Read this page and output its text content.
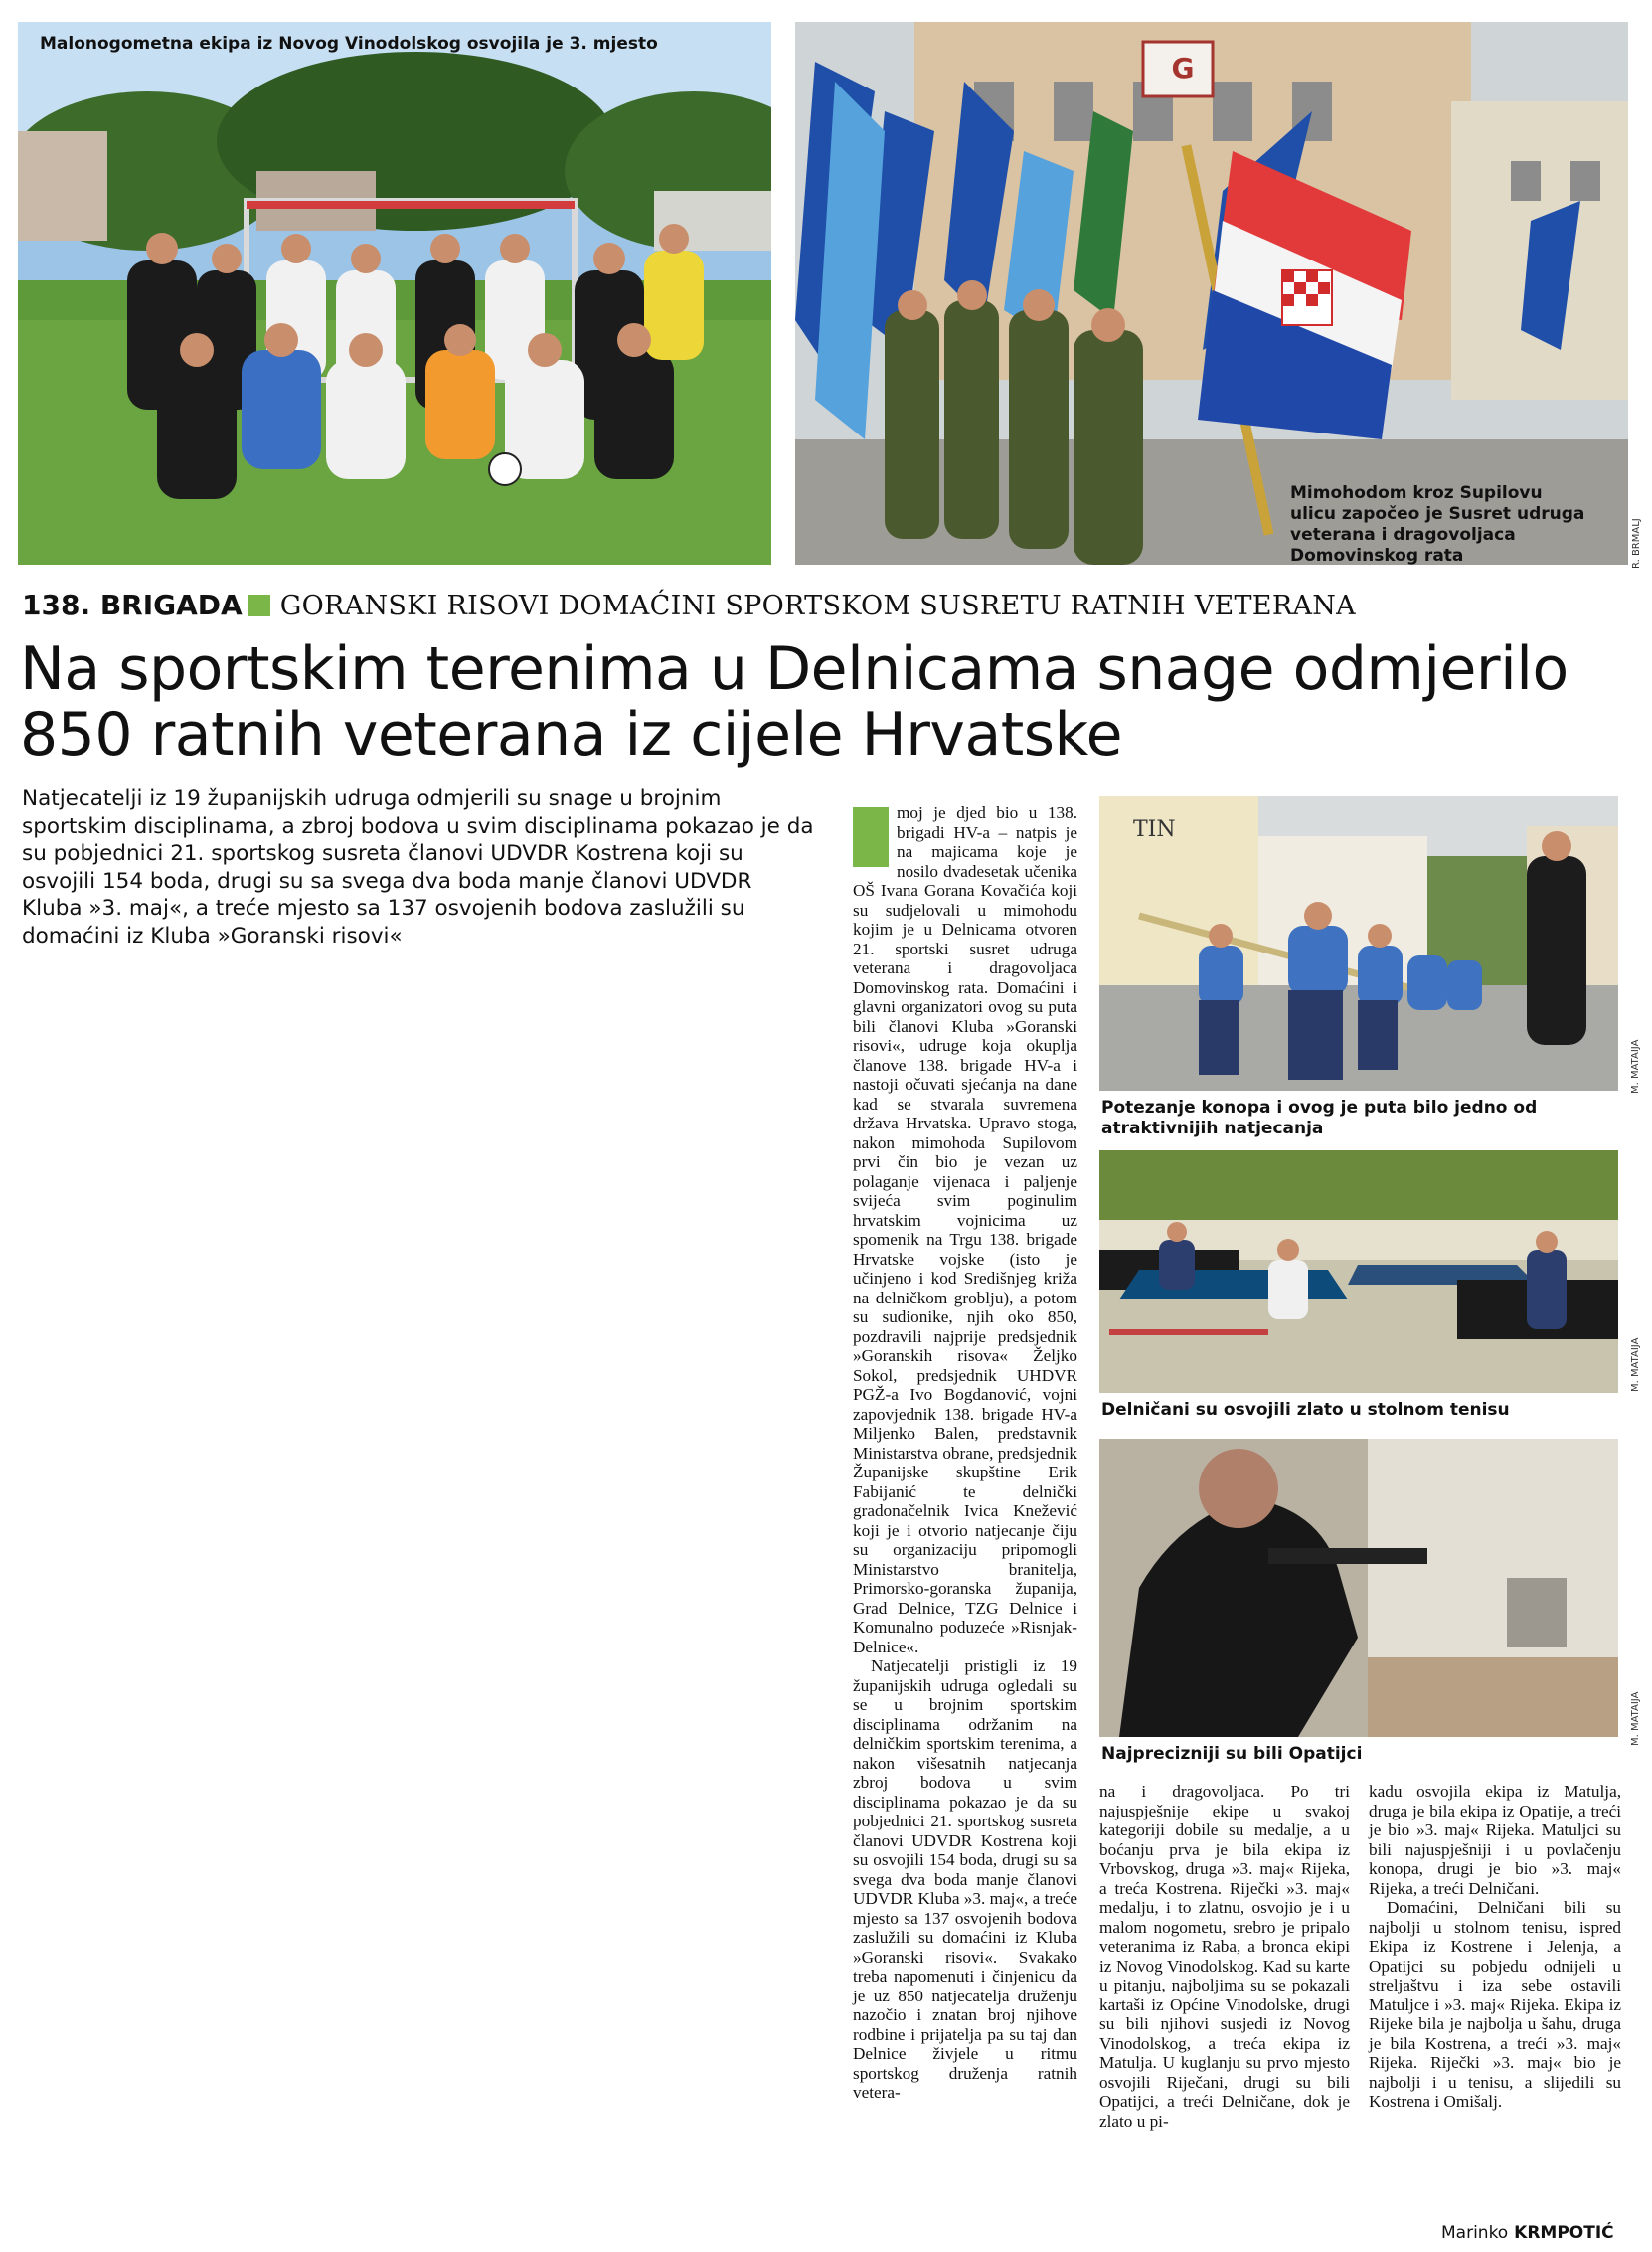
Malonogometna ekipa iz Novog Vinodolskog osvojila je 3. mjesto
G
Mimohodom kroz Supilovu ulicu započeo je Susret udruga veterana i dragovoljaca Domovinskog rata	R. BRMALJ
138. BRIGADA GORANSKI RISOVI DOMAĆINI SPORTSKOM SUSRETU RATNIH VETERANA
Na sportskim terenima u Delnicama snage odmjerilo 850 ratnih veterana iz cijele Hrvatske
Natjecatelji iz 19 županijskih udruga odmjerili su snage u brojnim sportskim disciplinama, a zbroj bodova u svim disciplinama pokazao je da su pobjednici 21. sportskog susreta članovi UDVDR Kostrena koji su osvojili 154 boda, drugi su sa svega dva boda manje članovi UDVDR Kluba »3. maj«, a treće mjesto sa 137 osvojenih bodova zaslužili su domaćini iz Kluba »Goranski risovi«

moj je djed bio u 138. brigadi HV-a – natpis je na majicama koje je nosilo dvadesetak učenika OŠ Ivana Gorana Kovačića koji su sudjelovali u mimohodu kojim je u Delnicama otvoren 21. sportski susret udruga veterana i dragovoljaca Domovinskog rata. Domaćini i glavni organizatori ovog su puta bili članovi Kluba »Goranski risovi«, udruge koja okuplja članove 138. brigade HV-a i nastoji očuvati sjećanja na dane kad se stvarala suvremena država Hrvatska. Upravo stoga, nakon mimohoda Supilovom prvi čin bio je vezan uz polaganje vijenaca i paljenje svijeća svim poginulim hrvatskim vojnicima uz spomenik na Trgu 138. brigade Hrvatske vojske (isto je učinjeno i kod Središnjeg križa na delničkom groblju), a potom su sudionike, njih oko 850, pozdravili najprije predsjednik »Goranskih risova« Željko Sokol, predsjednik UHDVR PGŽ-a Ivo Bogdanović, vojni zapovjednik 138. brigade HV-a Miljenko Balen, predstavnik Ministarstva obrane, predsjednik Županijske skupštine Erik Fabijanić te delnički gradonačelnik Ivica Knežević koji je i otvorio natjecanje čiju su organizaciju pripomogli Ministarstvo branitelja, Primorsko-goranska županija, Grad Delnice, TZG Delnice i Komunalno poduzeće »Risnjak-Delnice«.

Natjecatelji pristigli iz 19 županijskih udruga ogledali su se u brojnim sportskim disciplinama održanim na delničkim sportskim terenima, a nakon višesatnih natjecanja zbroj bodova u svim disciplinama pokazao je da su pobjednici 21. sportskog susreta članovi UDVDR Kostrena koji su osvojili 154 boda, drugi su sa svega dva boda manje članovi UDVDR Kluba »3. maj«, a treće mjesto sa 137 osvojenih bodova zaslužili su domaćini iz Kluba »Goranski risovi«. Svakako treba napomenuti i činjenicu da je uz 850 natjecatelja druženju nazočio i znatan broj njihove rodbine i prijatelja pa su taj dan Delnice živjele u ritmu sportskog druženja ratnih vetera-

TIN
Potezanje konopa i ovog je puta bilo jedno od atraktivnijih natjecanja
M. MATAIJA
Delničani su osvojili zlato u stolnom tenisu
M. MATAIJA
Najprecizniji su bili Opatijci
M. MATAIJA

na i dragovoljaca. Po tri najuspješnije ekipe u svakoj kategoriji dobile su medalje, a u boćanju prva je bila ekipa iz Vrbovskog, druga »3. maj« Rijeka, a treća Kostrena. Riječki »3. maj« medalju, i to zlatnu, osvojio je i u malom nogometu, srebro je pripalo veteranima iz Raba, a bronca ekipi iz Novog Vinodolskog. Kad su karte u pitanju, najboljima su se pokazali kartaši iz Općine Vinodolske, drugi su bili njihovi susjedi iz Novog Vinodolskog, a treća ekipa iz Matulja. U kuglanju su prvo mjesto osvojili Riječani, drugi su bili Opatijci, a treći Delničane, dok je zlato u pi-

kadu osvojila ekipa iz Matulja, druga je bila ekipa iz Opatije, a treći je bio »3. maj« Rijeka. Matuljci su bili najuspješniji i u povlačenju konopa, drugi je bio »3. maj« Rijeka, a treći Delničani.

Domaćini, Delničani bili su najbolji u stolnom tenisu, ispred Ekipa iz Kostrene i Jelenja, a Opatijci su pobjedu odnijeli u streljaštvu i iza sebe ostavili Matuljce i »3. maj« Rijeka. Ekipa iz Rijeke bila je najbolja u šahu, druga je bila Kostrena, a treći »3. maj« Rijeka. Riječki »3. maj« bio je najbolji i u tenisu, a slijedili su Kostrena i Omišalj.

Marinko KRMPOTIĆ
